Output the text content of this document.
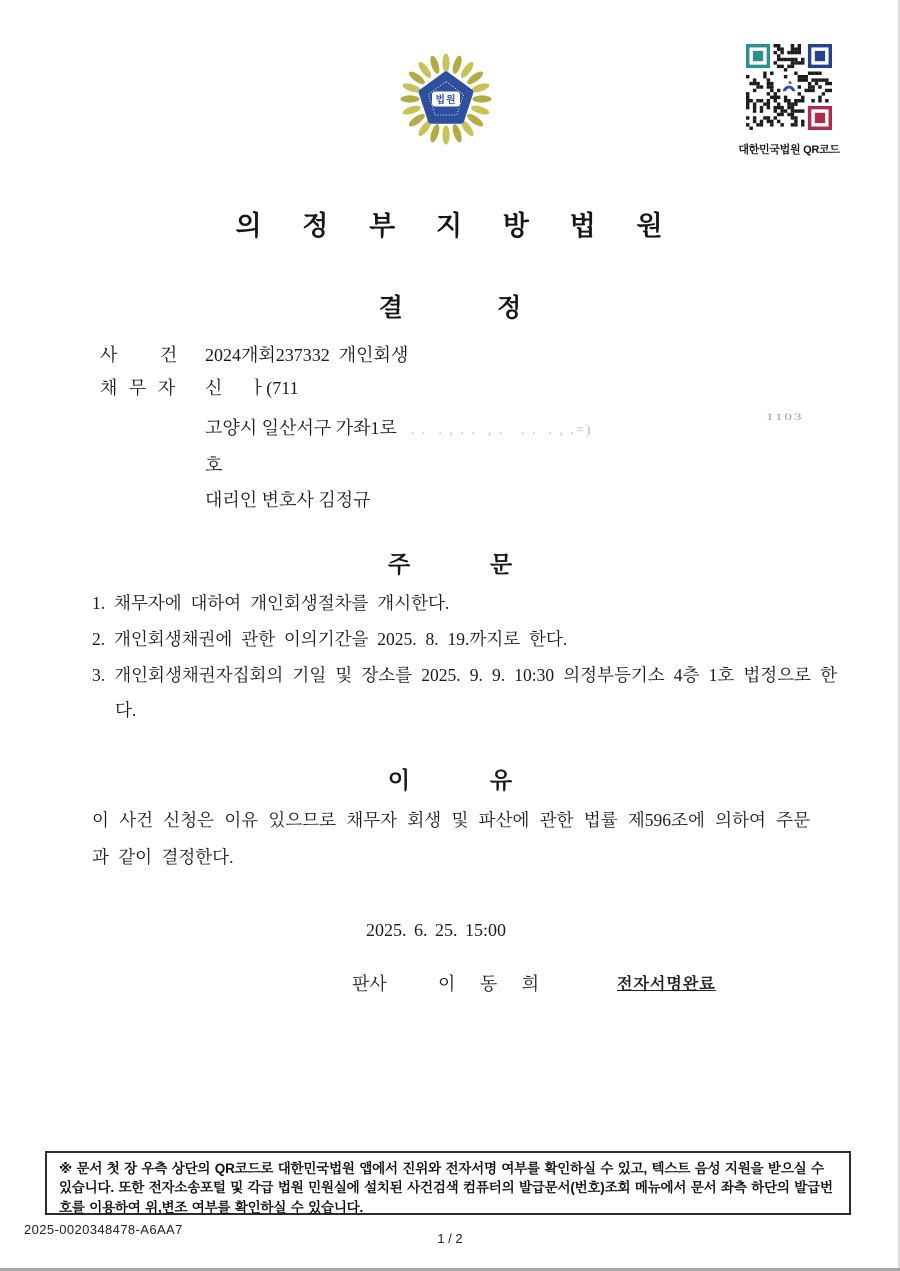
법원
대한민국법원 QR코드
의 정 부 지 방 법 원
결 정
사 건 2024개회237332  개인회생
채 무 자 신 ㅏ(711
고양시 일산서구 가좌1로 . .  . , . .  , .   . .  . , .=)
1103
호
대리인 변호사 김정규
주 문
1. 채무자에 대하여 개인회생절차를 개시한다.
2. 개인회생채권에 관한 이의기간을 2025. 8. 19.까지로 한다.
3. 개인회생채권자집회의 기일 및 장소를 2025. 9. 9. 10:30 의정부등기소 4층 1호 법정으로 한다.
이 유
이 사건 신청은 이유 있으므로 채무자 회생 및 파산에 관한 법률 제596조에 의하여 주문과 같이 결정한다.
2025. 6. 25. 15:00
판사	이 동 희	전자서명완료
※ 문서 첫 장 우측 상단의 QR코드로 대한민국법원 앱에서 진위와 전자서명 여부를 확인하실 수 있고, 텍스트 음성 지원을 받으실 수 있습니다. 또한 전자소송포털 및 각급 법원 민원실에 설치된 사건검색 컴퓨터의 발급문서(번호)조회 메뉴에서 문서 좌측 하단의 발급번호를 이용하여 위,변조 여부를 확인하실 수 있습니다.
2025-0020348478-A6AA7
1 / 2
